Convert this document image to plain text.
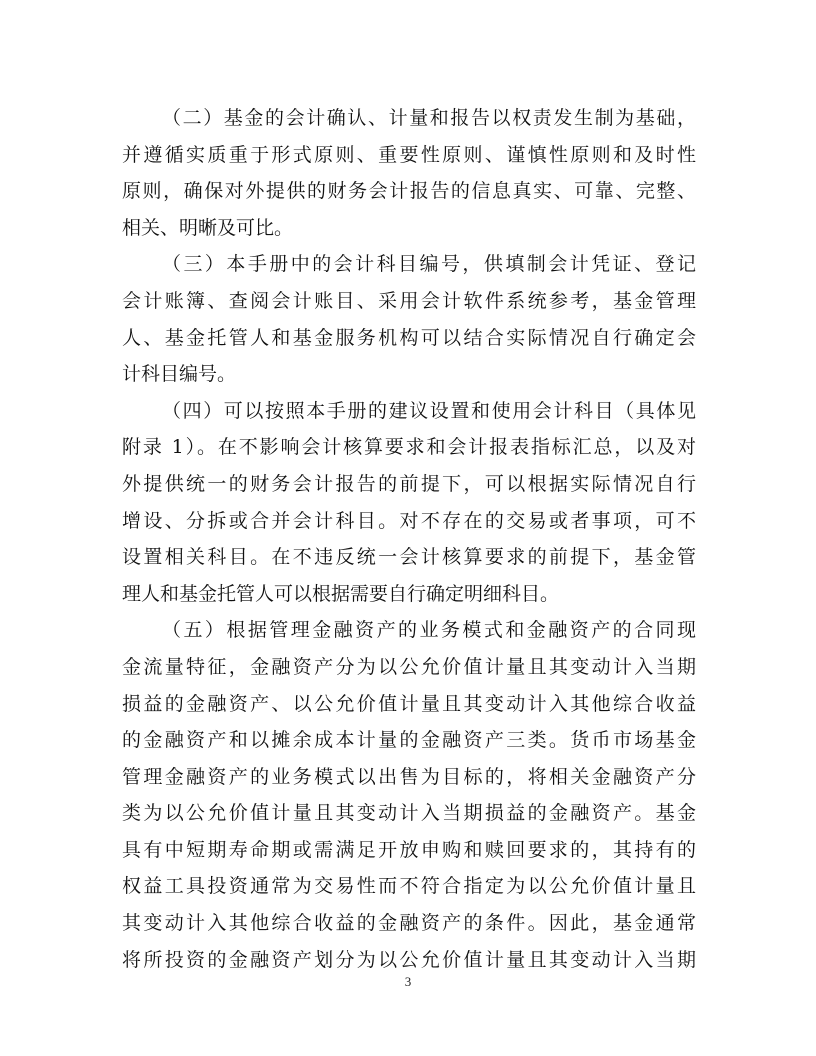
（二）基金的会计确认、计量和报告以权责发生制为基础，
并遵循实质重于形式原则、重要性原则、谨慎性原则和及时性
原则，确保对外提供的财务会计报告的信息真实、可靠、完整、
相关、明晰及可比。
（三）本手册中的会计科目编号，供填制会计凭证、登记
会计账簿、查阅会计账目、采用会计软件系统参考，基金管理
人、基金托管人和基金服务机构可以结合实际情况自行确定会
计科目编号。
（四）可以按照本手册的建议设置和使用会计科目（具体见
附录 1）。在不影响会计核算要求和会计报表指标汇总，以及对
外提供统一的财务会计报告的前提下，可以根据实际情况自行
增设、分拆或合并会计科目。对不存在的交易或者事项，可不
设置相关科目。在不违反统一会计核算要求的前提下，基金管
理人和基金托管人可以根据需要自行确定明细科目。
（五）根据管理金融资产的业务模式和金融资产的合同现
金流量特征，金融资产分为以公允价值计量且其变动计入当期
损益的金融资产、以公允价值计量且其变动计入其他综合收益
的金融资产和以摊余成本计量的金融资产三类。货币市场基金
管理金融资产的业务模式以出售为目标的，将相关金融资产分
类为以公允价值计量且其变动计入当期损益的金融资产。基金
具有中短期寿命期或需满足开放申购和赎回要求的，其持有的
权益工具投资通常为交易性而不符合指定为以公允价值计量且
其变动计入其他综合收益的金融资产的条件。因此，基金通常
将所投资的金融资产划分为以公允价值计量且其变动计入当期
3
